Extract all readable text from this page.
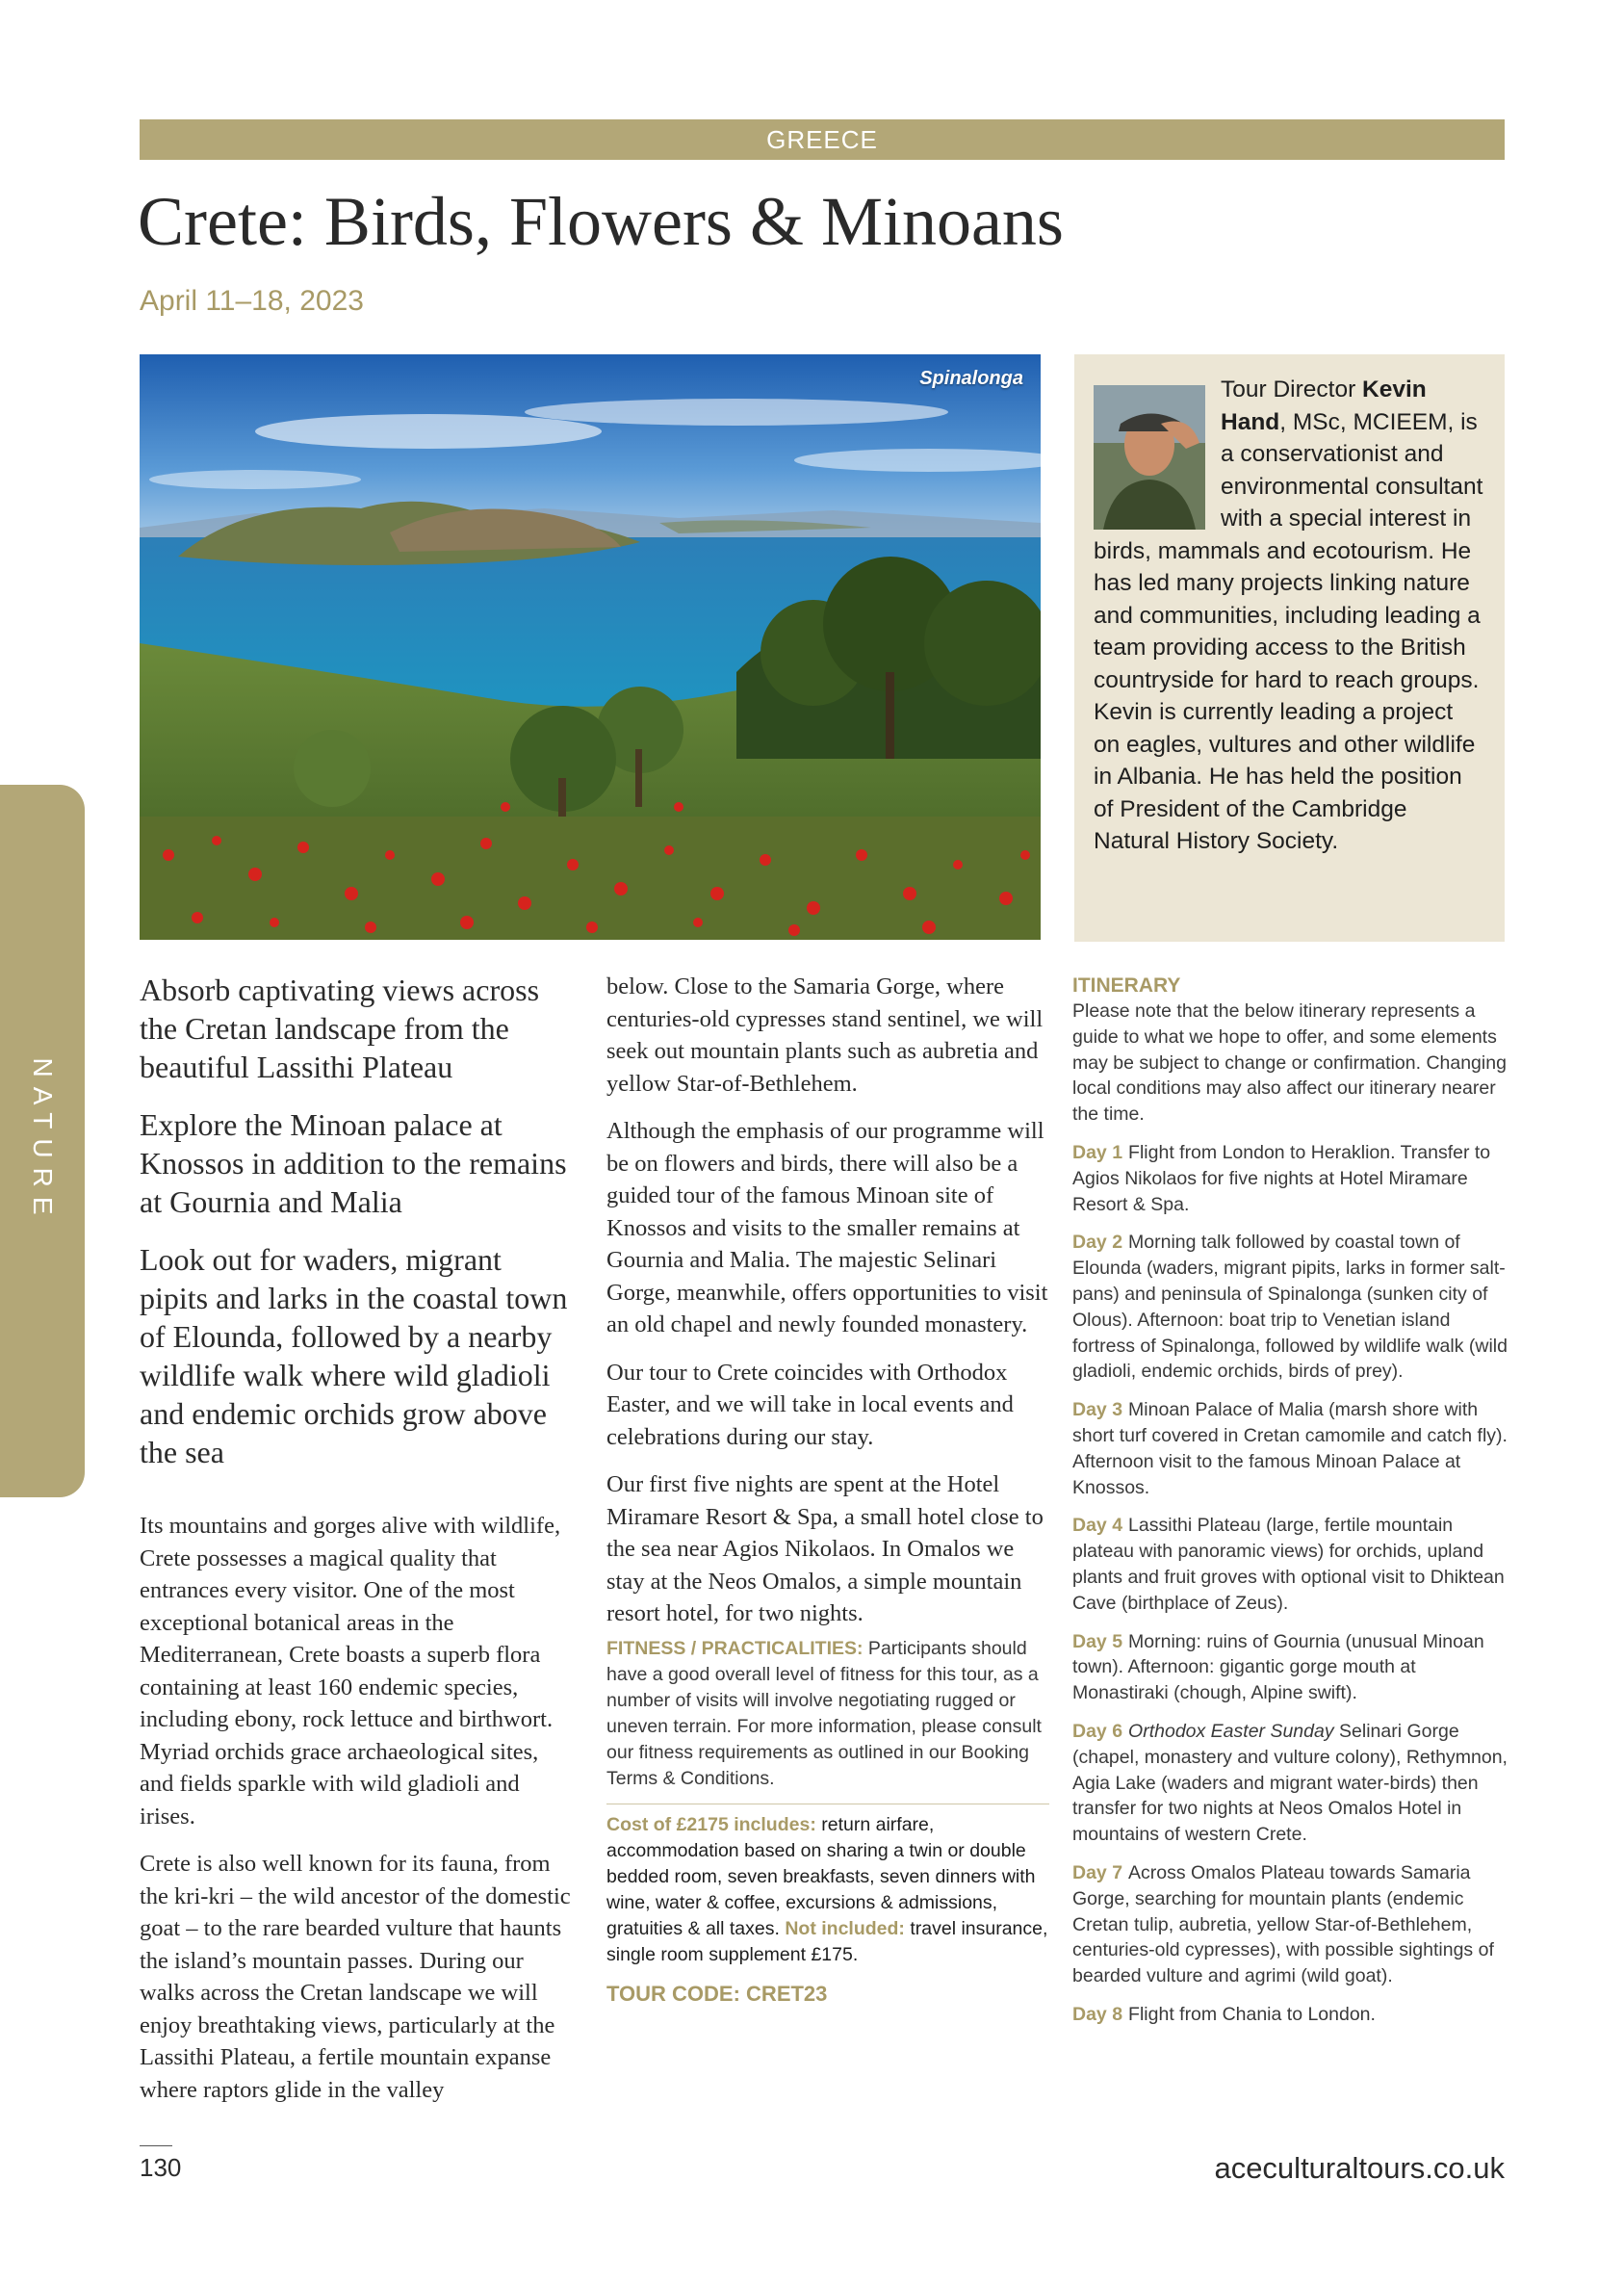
GREECE
Crete: Birds, Flowers & Minoans
April 11–18, 2023
NATURE
Spinalonga	Tour Director Kevin Hand, MSc, MCIEEM, is a conservationist and environmental consultant with a special interest in birds, mammals and ecotourism. He has led many projects linking nature and communities, including leading a team providing access to the British countryside for hard to reach groups. Kevin is currently leading a project on eagles, vultures and other wildlife in Albania. He has held the position of President of the Cambridge Natural History Society.

Absorb captivating views across the Cretan landscape from the beautiful Lassithi Plateau

Explore the Minoan palace at Knossos in addition to the remains at Gournia and Malia

Look out for waders, migrant pipits and larks in the coastal town of Elounda, followed by a nearby wildlife walk where wild gladioli and endemic orchids grow above the sea

Its mountains and gorges alive with wildlife, Crete possesses a magical quality that entrances every visitor. One of the most exceptional botanical areas in the Mediterranean, Crete boasts a superb flora containing at least 160 endemic species, including ebony, rock lettuce and birthwort. Myriad orchids grace archaeological sites, and fields sparkle with wild gladioli and irises.

Crete is also well known for its fauna, from the kri-kri – the wild ancestor of the domestic goat – to the rare bearded vulture that haunts the island’s mountain passes. During our walks across the Cretan landscape we will enjoy breathtaking views, particularly at the Lassithi Plateau, a fertile mountain expanse where raptors glide in the valley

below. Close to the Samaria Gorge, where centuries-old cypresses stand sentinel, we will seek out mountain plants such as aubretia and yellow Star-of-Bethlehem.

Although the emphasis of our programme will be on flowers and birds, there will also be a guided tour of the famous Minoan site of Knossos and visits to the smaller remains at Gournia and Malia. The majestic Selinari Gorge, meanwhile, offers opportunities to visit an old chapel and newly founded monastery.

Our tour to Crete coincides with Orthodox Easter, and we will take in local events and celebrations during our stay.

Our first five nights are spent at the Hotel Miramare Resort & Spa, a small hotel close to the sea near Agios Nikolaos. In Omalos we stay at the Neos Omalos, a simple mountain resort hotel, for two nights.

FITNESS / PRACTICALITIES: Participants should have a good overall level of fitness for this tour, as a number of visits will involve negotiating rugged or uneven terrain. For more information, please consult our fitness requirements as outlined in our Booking Terms & Conditions.
Cost of £2175 includes: return airfare, accommodation based on sharing a twin or double bedded room, seven breakfasts, seven dinners with wine, water & coffee, excursions & admissions, gratuities & all taxes. Not included: travel insurance, single room supplement £175.
TOUR CODE: CRET23
ITINERARY

Please note that the below itinerary represents a guide to what we hope to offer, and some elements may be subject to change or confirmation. Changing local conditions may also affect our itinerary nearer the time.

Day 1 Flight from London to Heraklion. Transfer to Agios Nikolaos for five nights at Hotel Miramare Resort & Spa.

Day 2 Morning talk followed by coastal town of Elounda (waders, migrant pipits, larks in former salt-pans) and peninsula of Spinalonga (sunken city of Olous). Afternoon: boat trip to Venetian island fortress of Spinalonga, followed by wildlife walk (wild gladioli, endemic orchids, birds of prey).

Day 3 Minoan Palace of Malia (marsh shore with short turf covered in Cretan camomile and catch fly). Afternoon visit to the famous Minoan Palace at Knossos.

Day 4 Lassithi Plateau (large, fertile mountain plateau with panoramic views) for orchids, upland plants and fruit groves with optional visit to Dhiktean Cave (birthplace of Zeus).

Day 5 Morning: ruins of Gournia (unusual Minoan town). Afternoon: gigantic gorge mouth at Monastiraki (chough, Alpine swift).

Day 6 Orthodox Easter Sunday Selinari Gorge (chapel, monastery and vulture colony), Rethymnon, Agia Lake (waders and migrant water-birds) then transfer for two nights at Neos Omalos Hotel in mountains of western Crete.

Day 7 Across Omalos Plateau towards Samaria Gorge, searching for mountain plants (endemic Cretan tulip, aubretia, yellow Star-of-Bethlehem, centuries-old cypresses), with possible sightings of bearded vulture and agrimi (wild goat).

Day 8 Flight from Chania to London.

130	aceculturaltours.co.uk
